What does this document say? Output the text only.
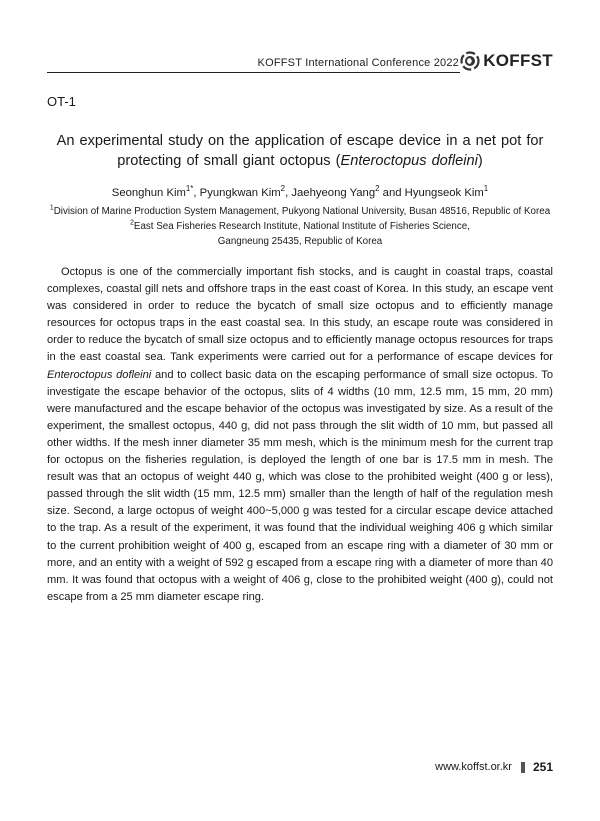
KOFFST International Conference 2022 KOFFST
OT-1
An experimental study on the application of escape device in a net pot for
protecting of small giant octopus (Enteroctopus dofleini)
Seonghun Kim$^{1*}$, Pyungkwan Kim$^2$, Jaehyeong Yang$^2$ and Hyungseok Kim$^1$
$^1$Division of Marine Production System Management, Pukyong National University, Busan 48516, Republic of Korea
$^2$East Sea Fisheries Research Institute, National Institute of Fisheries Science,
Gangneung 25435, Republic of Korea

Octopus is one of the commercially important fish stocks, and is caught in coastal traps, coastal complexes, coastal gill nets and offshore traps in the east coast of Korea. In this study, an escape vent was considered in order to reduce the bycatch of small size octopus and to efficiently manage resources for octopus traps in the east coastal sea. In this study, an escape route was considered in order to reduce the bycatch of small size octopus and to efficiently manage octopus resources for traps in the east coastal sea. Tank experiments were carried out for a performance of escape devices for Enteroctopus dofleini and to collect basic data on the escaping performance of small size octopus. To investigate the escape behavior of the octopus, slits of 4 widths (10 mm, 12.5 mm, 15 mm, 20 mm) were manufactured and the escape behavior of the octopus was investigated by size. As a result of the experiment, the smallest octopus, 440 g, did not pass through the slit width of 10 mm, but passed all other widths. If the mesh inner diameter 35 mm mesh, which is the minimum mesh for the current trap for octopus on the fisheries regulation, is deployed the length of one bar is 17.5 mm in mesh. The result was that an octopus of weight 440 g, which was close to the prohibited weight (400 g or less), passed through the slit width (15 mm, 12.5 mm) smaller than the length of half of the regulation mesh size. Second, a large octopus of weight 400~5,000 g was tested for a circular escape device attached to the trap. As a result of the experiment, it was found that the individual weighing 406 g which similar to the current prohibition weight of 400 g, escaped from an escape ring with a diameter of 30 mm or more, and an entity with a weight of 592 g escaped from a escape ring with a diameter of more than 40 mm. It was found that octopus with a weight of 406 g, close to the prohibited weight (400 g), could not escape from a 25 mm diameter escape ring.

www.koffst.or.kr 251
